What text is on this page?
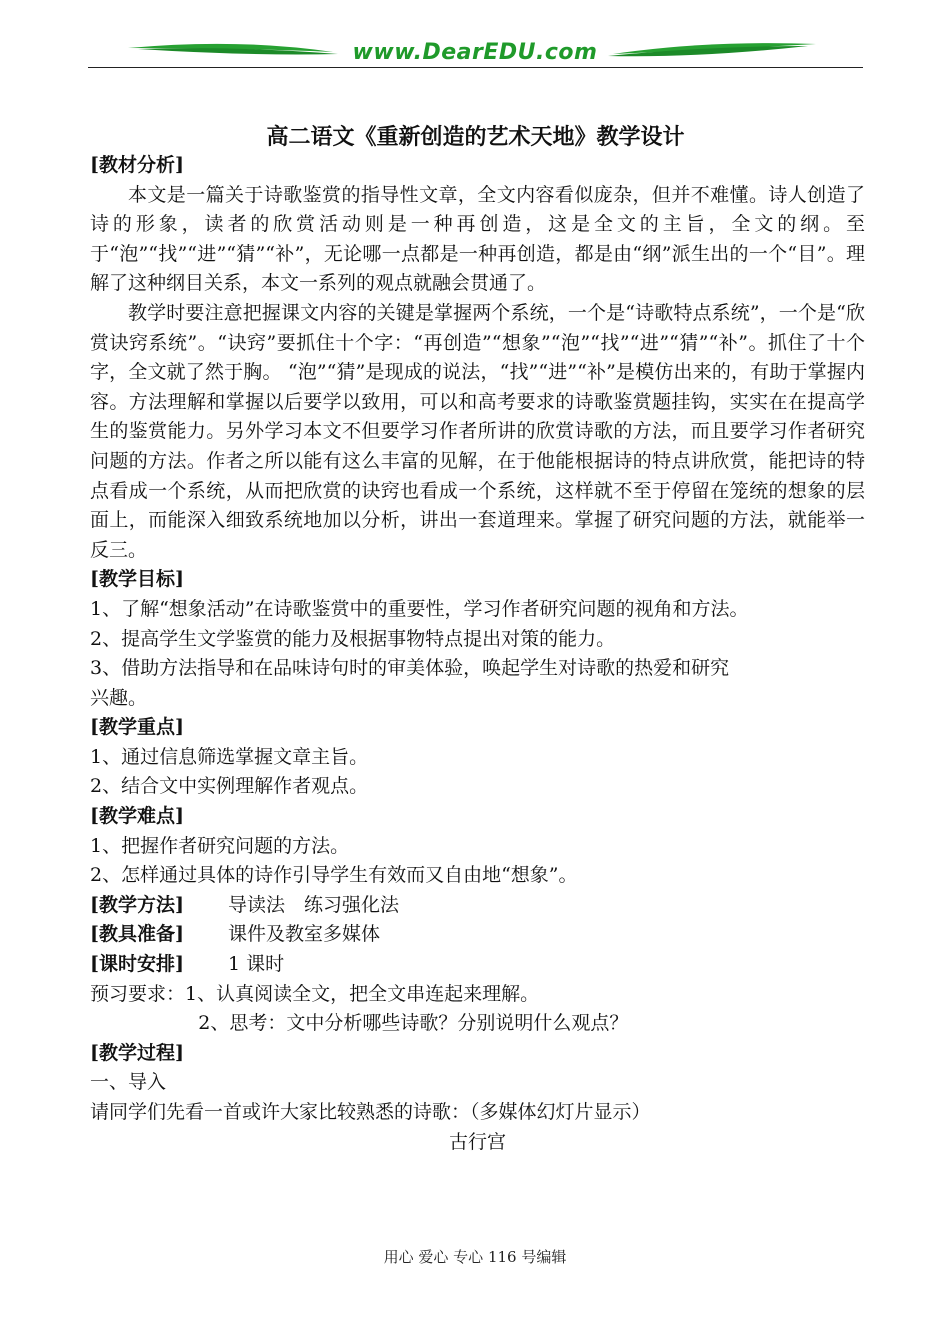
www.DearEDU.com
高二语文《重新创造的艺术天地》教学设计

[教材分析]

本文是一篇关于诗歌鉴赏的指导性文章，全文内容看似庞杂，但并不难懂。诗人创造了诗的形象，读者的欣赏活动则是一种再创造，这是全文的主旨，全文的纲。至于“泡”“找”“进”“猜”“补”，无论哪一点都是一种再创造，都是由“纲”派生出的一个“目”。理解了这种纲目关系，本文一系列的观点就融会贯通了。

教学时要注意把握课文内容的关键是掌握两个系统，一个是“诗歌特点系统”，一个是“欣赏诀窍系统”。“诀窍”要抓住十个字：“再创造”“想象”“泡”“找”“进”“猜”“补”。抓住了十个字，全文就了然于胸。 “泡”“猜”是现成的说法，“找”“进”“补”是模仿出来的，有助于掌握内容。方法理解和掌握以后要学以致用，可以和高考要求的诗歌鉴赏题挂钩，实实在在提高学生的鉴赏能力。另外学习本文不但要学习作者所讲的欣赏诗歌的方法，而且要学习作者研究问题的方法。作者之所以能有这么丰富的见解，在于他能根据诗的特点讲欣赏，能把诗的特点看成一个系统，从而把欣赏的诀窍也看成一个系统，这样就不至于停留在笼统的想象的层面上，而能深入细致系统地加以分析，讲出一套道理来。掌握了研究问题的方法，就能举一反三。

[教学目标]

1、了解“想象活动”在诗歌鉴赏中的重要性，学习作者研究问题的视角和方法。

2、提高学生文学鉴赏的能力及根据事物特点提出对策的能力。

3、借助方法指导和在品味诗句时的审美体验，唤起学生对诗歌的热爱和研究

兴趣。

[教学重点]

1、通过信息筛选掌握文章主旨。

2、结合文中实例理解作者观点。

[教学难点]

1、把握作者研究问题的方法。

2、怎样通过具体的诗作引导学生有效而又自由地“想象”。

[教学方法] 导读法　练习强化法

[教具准备] 课件及教室多媒体

[课时安排] 1 课时

预习要求：1、认真阅读全文，把全文串连起来理解。

2、思考：文中分析哪些诗歌？分别说明什么观点？

[教学过程]

一、导入

请同学们先看一首或许大家比较熟悉的诗歌：（多媒体幻灯片显示）

古行宫

用心 爱心 专心 116 号编辑
